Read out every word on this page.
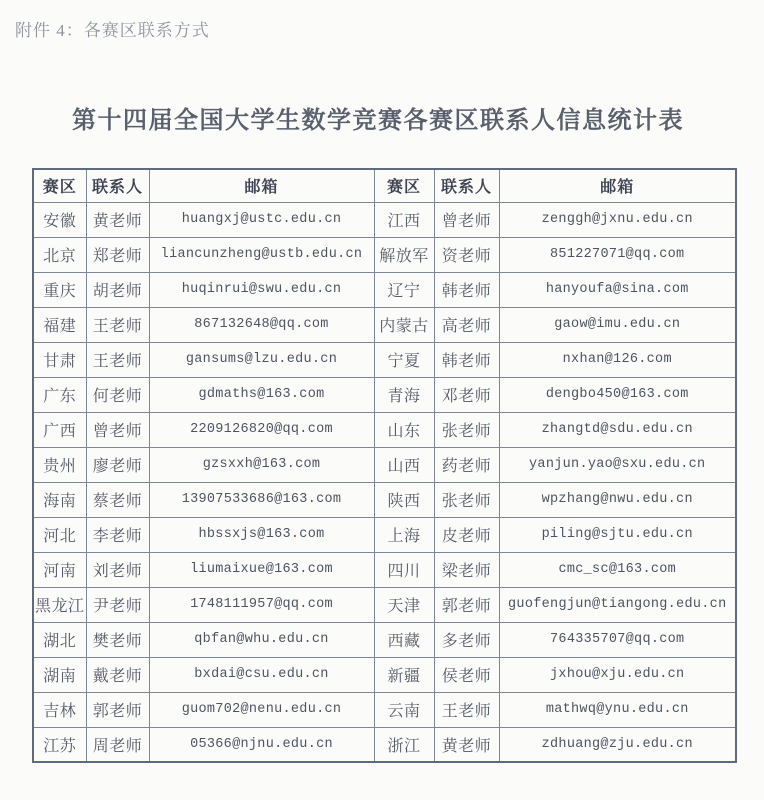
附件 4：各赛区联系方式
第十四届全国大学生数学竞赛各赛区联系人信息统计表
赛区	联系人	邮箱	赛区	联系人	邮箱
安徽	黄老师	huangxj@ustc.edu.cn	江西	曾老师	zenggh@jxnu.edu.cn
北京	郑老师	liancunzheng@ustb.edu.cn	解放军	资老师	851227071@qq.com
重庆	胡老师	huqinrui@swu.edu.cn	辽宁	韩老师	hanyoufa@sina.com
福建	王老师	867132648@qq.com	内蒙古	高老师	gaow@imu.edu.cn
甘肃	王老师	gansums@lzu.edu.cn	宁夏	韩老师	nxhan@126.com
广东	何老师	gdmaths@163.com	青海	邓老师	dengbo450@163.com
广西	曾老师	2209126820@qq.com	山东	张老师	zhangtd@sdu.edu.cn
贵州	廖老师	gzsxxh@163.com	山西	药老师	yanjun.yao@sxu.edu.cn
海南	蔡老师	13907533686@163.com	陕西	张老师	wpzhang@nwu.edu.cn
河北	李老师	hbssxjs@163.com	上海	皮老师	piling@sjtu.edu.cn
河南	刘老师	liumaixue@163.com	四川	梁老师	cmc_sc@163.com
黑龙江	尹老师	1748111957@qq.com	天津	郭老师	guofengjun@tiangong.edu.cn
湖北	樊老师	qbfan@whu.edu.cn	西藏	多老师	764335707@qq.com
湖南	戴老师	bxdai@csu.edu.cn	新疆	侯老师	jxhou@xju.edu.cn
吉林	郭老师	guom702@nenu.edu.cn	云南	王老师	mathwq@ynu.edu.cn
江苏	周老师	05366@njnu.edu.cn	浙江	黄老师	zdhuang@zju.edu.cn
